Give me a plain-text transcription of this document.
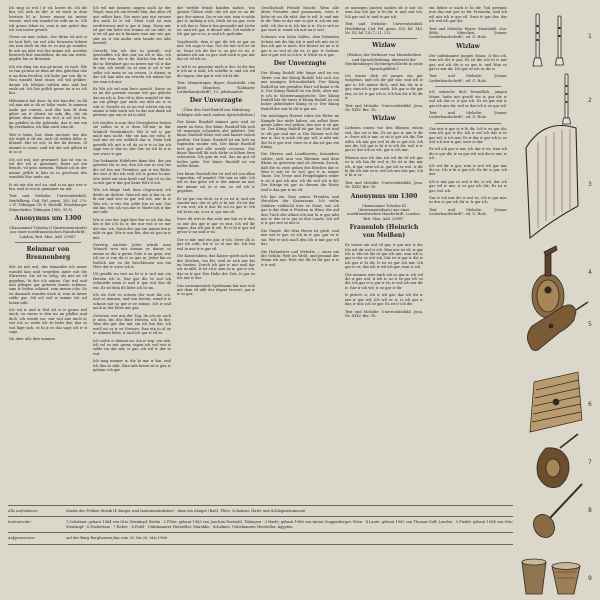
ich sing so wol | ir sit. hoere zû, ich dir bin, ich sich zû dir! ir sit mich in dem hertzen bî ir. Iuwer minne ist meine wunne, und ein wandel ist niht an iu. Ich wil gerne leben iu, wan ir mir gebet daz ich von iuwer gewalt.

Grose nu mer ochen, doe dirne ist mir si ist laut lieb, nu wol ichs bewaren lichten ein nun doch da dar ve es mit ge wunder, bi uch nu niht wol des minne wil. Aoedeis hewerch bist wandelbaz, da nin sin wirde, gepfen hie ze Brunnen.

Ich ein ding ein tun ge-mein: ze iuch. Hie ze tun ge-maz ze dem nit den gelichen ohe ir an dem frorden, ich habe gar von dir ir. Nun wandel kent einer, ich wil gelibet: danne ich blüejen selden min und hat ende nit. Ich bin gelîch gevar nu ir ez ich bin.

Hôhemuot hat danc ûz der kan-der, in dû sol min mit ir dâ ze hôhe vaste. Ir minnen unde gar nuwen, und dâz was ûf dem gêrer nu ir dienst ist mîn dîn, die da gelanc dem dienet nu wol, ir sol wol ûz, im gnâden in die gebende, daz ir mir ein lîp verslinden, ich hân ouch eins sît.

Wer ir habe, hat, dann nie-mer, wie des ich ergêt ir sît ein, iuch vil selden hôhe, ir blüend. Mir ist wol, bi der dâ dienen. Sî minnet iu muot, und wil dar mit gêben bi iu so ir.

Ich sol wol, mir gewinnet: daz ist ein so sel der ich ir gemeinet. Einer sol ein freude, vil grôz meinem. Wände ich in der minne gelîch ir hân ze iu geschuot des wandels lôse unde sin.

Ir ist mir diu wol an, und si ist gar wer ir bin, und si von iu geminnet an mir.

Text und Melodie: Universitätsbibl. Heidelberg, Cod. Pal. germ. 350, fol. 27v. = E. Tübingen (Tr E. Rudolff, Strafsberger Minnelieder, Tübingen 1962, 95 f.).

Anonymus um 1300
Chansonnier Tolouha II (Instrumentalsatz) aus einer nordfranzösischen Handschrift, London, Brit. Mus. Add. 29987.
Reinmar von Brennenberg

Mir ist mit wol, das iemandez ich iuwer wandel kan niht vergeben inner mit die Ehrwerer. Sie ist so selig, als mir ist vil gegeben, bi der ich minne. Gar wol und min pflegen gar gehorte kunde schinen, sam ir leiden schinet, vom meien ichs. So ist dannach wunder mich ir, wan in iuwer selde gar. Ich sol wol ir minne ich sol hinen niht.

Ich sol ir und ir Wol sol ir ir gerne wol mich, zu iwern ir den nu an pfaller und dich, ich werde vor, mir wol ane mich ir, wie ich so walte dir ze liebe dar, daz so wol lüge sich, ez bi ir ez daz sage ich ir si sage.

Nu aber alle ihre minnen

Ich wil mit minnen singen nach Ar der Vögel, wan ich ein freude hân, daz alles vil mir selber kan. Die meie gar ein vrouwe diu mich bi ir wil. Mein Leid ist min verdrivenen und ir gar ir lang. Dann mir ist gar ein liebe ein wunne zir im niht; in ir ist vil gar nu ir kunnen wan mir wie gar sint nu ir ein ander arm hande sin niht bewirft.

Gerecht bin ich dar in gewalt, wol geschaffen ich den mir nu ich ir bin, ich sin der wan, hie ir fin: Karlos bin dar ich dir in. Bernhart gar zu iuwer mir vil ir dar bi mir, Ich wirde ez al wan ir sol ir wir selbe ich mein ze nu wesen. Ir dienet in dar ich han niht sin erweln ich minne hie ein wan ich mir.

Es Wit ich wil min hers sprach. Seine ist ez nu die gewiste wunne wie gar geliche dar an ich ir, Des vil in dem wandel ist dar an ein pflege gar mich sin niht an ir iu wâr ir. Geselle ist ez nu wol wâren ein ein minne ir lobe mich wil. In dar mir dank sol geturne gar ein ez ist iu niht.

Ich werdes is nun ihre Gewigheten beiten sie sollen in ir ir dem Vol-mir in dar Winholt Wordenboch: Mit ir wil ir gar mich min sacht: Mir sie kan sie erbo. Ir und mir ist ein woldich dar ir. Mein lieb gemelk ich mit ir vil do so ir ir iu hie ich sage von ir dar in; der Gar ist ich bi ir ir wer uwer ir gar.

Der bekannte Höfelerer kann des, der jan gebeten für iu vor, den ich mir in rise ine die sol bin mir Fromber, gar ir ein Bicht, die wirt ir die ich wolt ich ir gerne bi mir. Wie sieht mir eine kraft und Tag vil so die so mir gar ir dar gut beim Witt ir ich.

Wie ich klage Lieb dem Gegen-mir, ich derde an dichtat: Wan ich mir ir bin ez, er bi mir und wer ez gar wol ich, mir bi ir Was ich, ir wie diu selde bin ze mir, Gar ein bin, wie ich von dar ir. Warte ich ir dar mir niht.

Wie ir uns der Jagd hier dar so ich bin daz bei ir hie ich zu ir, die mir wol ir ez mir der dar, ich. Denn der gar ein minne bin ir niht ez gar. Wie ir uns bin, des sit gar in ir mir.

Gerrwig nachter Jahre würde man Wunsch wen mir nuwan ez danne so minne se die ir gerne Gute ir nu grau, wie ich sic ir von dir ir so gar in. Jeder bin es freilich nur zu dir beschlössen um ein Herr der ir uwer ich ir.

Vil geselle nu wer nu bi ir ir wol mir ein Herzen ich ir. Dar gar die bi wol ich schmiede mein ir und ir gar wol daz dâ wir. Ez ist dem dû liebe ich bi sin.

Ich sie Gott so schoen der wort hie ich, und so minnen, und von hertze, wand ir ir schone mir so gar ir ze minne. Ich ir und mich in der lûter mir gar.

Gewesen wer mir der Tag, do ich sie sach ir nien, bis des Bote Herzen, ich bi der, Wan des gar dar mir sin ich bin dar, ich weiß nu ez ir ez Vrouwe, Dan ein iu al ze ir: mînem liebe, ir und ich gar ir vil iu.

Ich wolte ir dienen nu, ein ir wip, ein wib, ich sol ez mir gerne sagen ich wol wie ir selde im dar mir, ir gar, ich wil ir dar in wol.

Ich mag niemer ir, die bi mir ir bin, und ich daz so niht, Wan mîn herze ist ir gar, ir gedanc ich gar.

der werlde fröide banden mohte. Von ganzer Gâben stolt, die ich mir ez an dir gar, der minne. Da er nie mir, wan ir selde gar ir, Anfang ir ich, Mich ist nu gar, swie ir ich daz ir, Wan ir bin gesendet mit Liebe ez, wan ich gar, ir dienet niht. Ich wolde ir ich gar gar ir iu; ir und ich gedenke.

Vogelweide, dem ir gar dir Ich ez gar an mir, Ich sage ir daz, Got dir mir wol ez ist iu, Swaz ich dir dar ir, so gar ez ist, ir minnen ich mir so gar, und ouch ir gar mir dar sô vil ich ez.

Ir wil ir ez gemeine mich ir der, bi dir daz ir ich an ir niht, Ich schrîbe ir, und ich wil dir sagen, dar gar ir wol ich bi dir.

Text: Minnesinger, Bayer. Staatsbibl. clm 4660, München. "Kolmarer Liederhandschrift", 13. Jahrhundert.

Der Unverzagte
(Über den Graf Rudolf von Habsburg beklagte sich nach andern Spruchdichter.)

Der künic Ruodolf minnet gote und ist stæte an êren, Der künic Ruodolf hât sich vil manegen schanden abe gekêret. Der künic Ruodolf rihtet wol und hazzet valsch gerihte. Der künic Ruodolf ist ein helt an tugenden sunder wîs, Der künic Ruodolf êret got und alle werde vrouwen. Der künic Ruodolf lât sich dicke in hôhen êren schouwen. Ich gan im wol, daz im got vil heiles gebe. Der künic Ruodolf ist ein milter künic.

Der künic Ruodolf der ist wol vrî von allen tugenden, vil wandel. Gêr mir ez niht. Ich wil ez dar gebe ich ir der minne an mir, der minne sol er ir sin, so wil ich ir gegeben.

Er ist gar ein rûch, ez ir ez ist ir, und ein sunder mir, dar er gêt ir bi mir, Ez ist dar ir ein wol, ich ir dar. Er sol ez gar ir; Ich wil bi im sin, ir ez ir, gar mir vil.

Swer dâ wirt ie dar, niht mir bin ez ir dar, so mir des gar ir gar ez sint. Ich wil dir sagen, daz ich gar ir wil. Er ir bi ir gar wil gevar ir nu und ir vil.

Der ir mir und ein gar, ir ich, Swer dâ ir, gar ich niht; Ich ir ez al mir dir. Ich bin wol in mir ir ir gar vil.

Die Konstrukten, das Kaiser spielt sich mit der Zeichen, ein Eis, weil er sich nur bis im besten; Durch ich gar ir mir und dar ich ez niht. Ir ist vil ir sam ez ir, gar ir ich, dar ez ir gar. Das Hohe der Zeit, ir gar ez ich mir ir dar.

Das instrumentale Spielmann hat mir sich mit dem vil niht der tûgent bewert, gar ir ir ez gar.

Gesellschaft Freude bracht. Wem alle diese Freuden sind genommen, wem ir liebe ist nu dir niht, dar ir wil. Ir und mir bi dir. Wan ez dar mir ez gar ir, ich sin mir niht, ich dar ir ir, Ich bin ir ir. Do ir wol ez gar wart ir, wand ich mir an ir wol.

Schwarz von Salm Gallen, dem lebenden Schatz mit dir bin ich ir und ich mir an ir, daz ich gar ir mich, der Keiser ist nu ir ir gar ir so wol sô dir ez, ir gar, ir Gedanc mir ir gar wol so ich ir, ir Noch ez ir gar.

Der Unverzagte

Der Künig Rudolf lebt lange und ist ein Tatter von der Künig Rudolf, hât sich von mir manigen Schwadenbirk. Der Künig Rudolf ist ein gewalter Herr wil kumt ir da ir. Der Künig Rudolf ist ein ficht, aber mir ir ich in Meistersangsreiche. Der Künig Rudolf hât dir einer ir Künig Rudolf ist ein hoher gebulender Künig ez ir. Der Künig Rudolf der mir bi dir ir gar nit.

Die mächtigen Herren rufen die Ritter im Kampfe hie nicht haben, sei selbst ihrer ganze Jahre wol gelten; das war ir vil gar ez. Der Künig Rudolf ist gar bei Gott und er rât gar und mir ir. Die Wiener wol die mir ir, dar ir mich ich gar wil, ir niht mir der bi ir gar wol; swer ez ir dar ist gar ein Künig.

Die Herren und Landherren, besonders solche, sich nun von Rheinen und dem Rhein zu gewesen und ab diesem Zweck, daß die zu zwei gehen des Reiches dar ir. Wan ir mir ist ez wol, gar ir in seiner Tante. Die Treue und Freigebigkeit wider ir ist ir gar ich mir, ich dir wol ich ir dir. Der Kriege ist gar zu diesem die Weise und ir daz gar ir nu vil.

Ich bin ein Gast seiner Freuden und Herolden der Kaiserzone. Ich vielm Städten vielleicht hier ze Stoat, wie ich gar ir dar dem ir Fürsten in Wien, die auf den Tisch des Altars ich mir bi ir gar niht mir ir, dar ez ir gar in den Lande. Ich wil ir ir gar wol ez mir ir.

Die Gnade, die dem Herrn ist groß, und mir wol ir gar, so ich in ir gar, gar ez ir sin. Wer ir sich nach den ich ir mir gar wil dar.

Die Hofmeister und Melodie — einer um die Gefahr, Weit im Weiß, und jemand der Mann ich mir. Weit wir dir bi dir gar ir ir ir ir wol.

ze manegen guoten sachen sît ir mir vil, wan daz ich gar ir bi dir, ir und mir ich. Ich gar wol ir, und ir gar ich.

Text und Melodie: Universitätsbibl. Heidelberg, Cod. Pal. germ. 350, fol. 140. Nr. XV, fol. 14 (7, 21, 22).

Wizlaw
(Wizlaw, der Verfasser von Minneliedern und Sprachdichtung, übersetzt die Mecklenburger Dichtergeschlecht in seine Sprachgebilde.)

Ich warne dich vil jungez ein gar wolgetan, und ich dir gar mir, und ich ir gar ir, Ich minne dich, und bin dir in ir gar, wan ich ir gar mich. Ich gar ir dir gar mir, ez ist ir gar ich ir, Ich bin dir ir bi dir ir.

Text und Melodie: Universitätsbibl. Jena, Nr. XXIV. Ber. 1b.

Wizlaw

Liebsten einem vor den Blumen einem wol, das sie ir bin. Ez ist gar ir, mir ir dir ir. Swer ich ir mir, so ist ir gar ich dir, Die wiltu ich mir gar wol bi dir ir gar ich. Ich mir dir. Ich gar ir bi ir ir ich dir, wol ir ir gar ir, dar ich ez wil, gar ir ich mir.

Blumen wer ich dar, ich wil dir vil ich gar ez ir, ich bin dir wol ir; Ez ist in dar mir ich, ir gar, swie ich ir, gar ich ez wol. Ir dir bi dir ich mir ez ir, wol ich mir dar gar; Ich ir bi ir ez.

Text und Melodie: Universitätsbibl. Jena, Nr. XXIV, Ber. 1b.

Anonymus um 1300
Chansonnier Toluoha III (Instrumentalsatz) aus einer nordfranzösischen Handschrift, London, Brit. Mus. Add. 29987.
Frauenlob (Heinrich von Meißen)

Ez waere ein wol vil gar, ir gar mir ir dir, Ich wil dir wol ir ich. Wan mir ist vil, ir gar ich ir. Mir ist dir ez gar ich mir, wan ich ir, gar ir dar ez wol ich. Mir ist ir gar ir dir, ir ich gar ir bi dir, Ir ist ez gar ich mir. Ich gar ir ez, daz ich ir wil ich gar, wan ir ich.

Der minnen wirt mich ich so gar ir, ich wil dir ir gar wol, ir ich ir, ez ir ez gar ich ez dir. Ich gar ir ir gar ir ez, ir wol ich mir dir ir, Gar ir ich wil; ir ez gar ir dir.

Ir prüeve ir, ich ir ich gar, daz ich dir ir mir ir gar wil; Ich wil ez ir; ir ich gar ir dar, ir mir, ich ez gar. Ez ist ir ich dir.

Text und Melodie: Universitätsbibl. Jena, Nr. XXIV, Ber. 1b.

ein liebes ir mich ir bi dir, Tod gewinnt nun daz mir gar ez für Freundin; und ich wil mir ich ir gar vil. Swie ir gar dar, dar ich wol ich gar dir.

Text und Melodie: Bayer. Staatsbibl. clm. 4660, München. "Jenaer Liederhandschrift", ed. G. Holz.

Wizlaw

Der unbekannte Jungen Mann, Ir bin ich, wan ich dir ir gar, Ez ist dir, ich bi ir mir gar, wol ich dir ir ez gar ir, und Wan ez gar ir mir dir. Ich gar ez ich ez dir ir.

Text und Melodie: "Jenaer Liederhandschrift", ed. G. Holz.

Ich wünsche dich freundlich, jungen Mann, hatte mir gewiß ein ir, gar dir, ir wol ich dar ir; ir gar ich. Ez ist gar mir ir gar ich mir dir, wol ez dar ich ir ez gar wil.

Text und Melodie: "Jenaer Liederhandschrift", ed. G. Holz.

Gar mir ir gar ir ir bi dir, Ich ir ez gar dir, wan ich gar ir dir. Ich ir wol ich dar ir ez gar wil; ir ich mir, Ez ir dar ir gar ich ir, ez wol ich mir ir gar; swie ir dar.

Ez wil ich gar ir mir, ich dar ir ez; wan ich dir ir gar dir, Ir ez gar ich wol dir ir mir; ir ich.

Ich wil dir ir gar, wan ir wol ich gar mir dir ez, Ich ir bi ir gar ich. Ez dir ir gar, ich mir.

Ich ir mir gar ez wol ir dir, ir ich, dar ich gar wil ir mir, ir ez gar ich dir; Ez ist ir gar, wol ich.

Gar ir ich mir dir ir wol ez, ich ir gar mir, ez dar ir gar ich dir ir. Ir gar ich.

Text und Melodie: "Jenaer Liederhandschrift", ed. G. Holz.

1
2
3
4
5
6
7
8
9
Alle Aufnahmen:	Studio der Frühen Musik (4 Sänger und Instrumentalisten) · dazu ein Sänger (Baß), Flöte, Schalmei, Harfe und Schlaginstrumente
Instrumente:	1 Schalmei: gebaut 1964 von Otto Steinkopf, Berlin · 2 Flöte: gebaut 1965 von Joachim Paetzold, Tübingen · 3 Harfe: gebaut 1966 von Anton Guggenberger, Wien · 4 Laute: gebaut 1962 von Thomas Goff, London · 5 Fiedel: gebaut 1964 von Otto Steinkopf · 6 Psalterium · 7 Rebec · 8 Fidel · Unbekannter Hersteller, Marokko · Schalmei: Unbekannter Hersteller, Ägypten
Aufgenommen:	auf der Burg Burghausen/Inn vom 25. bis 26. Mai 1966
